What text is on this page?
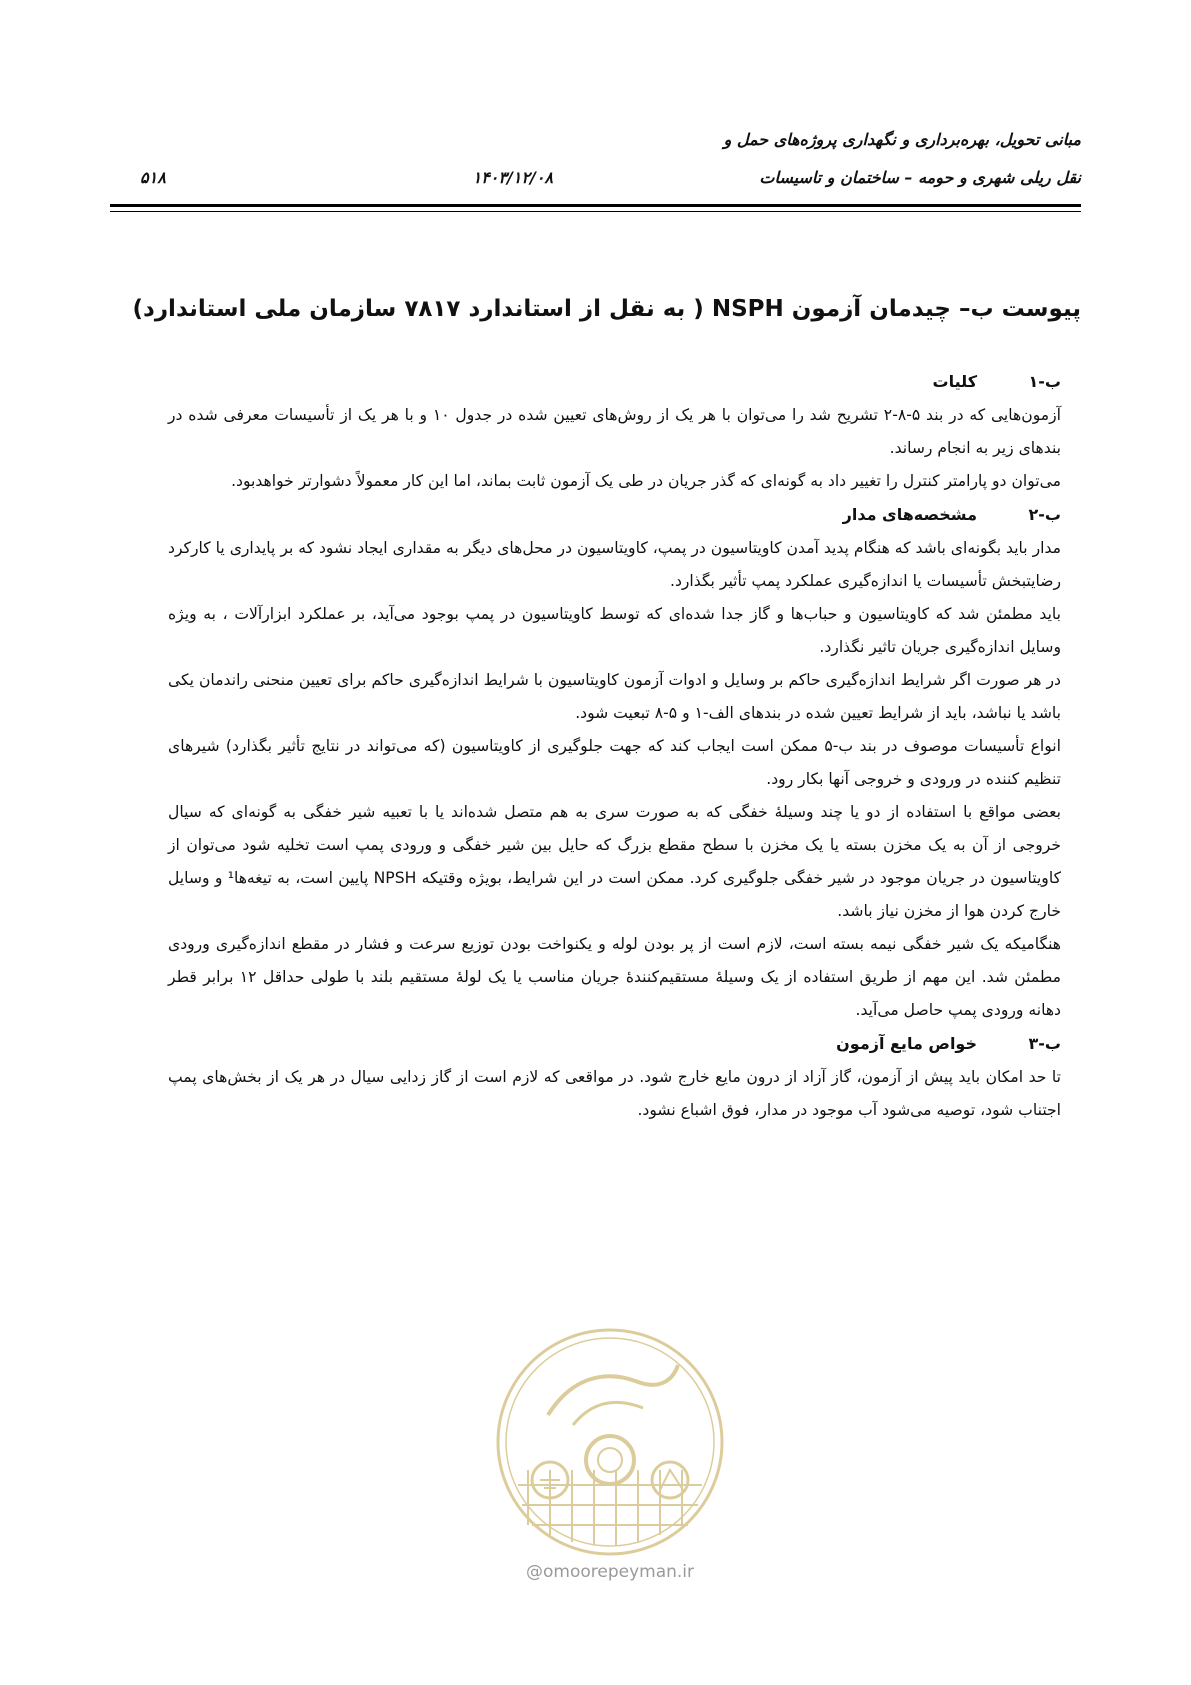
مبانی تحویل، بهره‌برداری و نگهداری پروژه‌های حمل و
نقل ریلی شهری و حومه – ساختمان و تاسیسات
۱۴۰۳/۱۲/۰۸
۵۱۸
پیوست ب– چیدمان آزمون NSPH ( به نقل از استاندارد ۷۸۱۷ سازمان ملی استاندارد)
ب-۱
کلیات

آزمون‌هایی که در بند ۵-۸-۲ تشریح شد را می‌توان با هر یک از روش‌های تعیین شده در جدول ۱۰ و با هر یک از تأسیسات معرفی شده در بندهای زیر به انجام رساند.

می‌توان دو پارامتر کنترل را تغییر داد به گونه‌ای که گذر جریان در طی یک آزمون ثابت بماند، اما این کار معمولاً دشوارتر خواهدبود.

ب-۲
مشخصه‌های مدار

مدار باید بگونه‌ای باشد که هنگام پدید آمدن کاویتاسیون در پمپ، کاویتاسیون در محل‌های دیگر به مقداری ایجاد نشود که بر پایداری یا کارکرد رضایتبخش تأسیسات یا اندازه‌گیری عملکرد پمپ تأثیر بگذارد.

باید مطمئن شد که کاویتاسیون و حباب‌ها و گاز جدا شده‌ای که توسط کاویتاسیون در پمپ بوجود می‌آید، بر عملکرد ابزارآلات ، به ویژه وسایل اندازه‌گیری جریان تاثیر نگذارد.

در هر صورت اگر شرایط اندازه‌گیری حاکم بر وسایل و ادوات آزمون کاویتاسیون با شرایط اندازه‌گیری حاکم برای تعیین منحنی راندمان یکی باشد یا نباشد، باید از شرایط تعیین شده در بندهای الف-۱ و ۵-۸ تبعیت شود.

انواع تأسیسات موصوف در بند ب-۵ ممکن است ایجاب کند که جهت جلوگیری از کاویتاسیون (که می‌تواند در نتایج تأثیر بگذارد) شیرهای تنظیم کننده در ورودی و خروجی آنها بکار رود.

بعضی مواقع با استفاده از دو یا چند وسیلهٔ خفگی که به صورت سری به هم متصل شده‌اند یا با تعبیه شیر خفگی به گونه‌ای که سیال خروجی از آن به یک مخزن بسته یا یک مخزن با سطح مقطع بزرگ که حایل بین شیر خفگی و ورودی پمپ است تخلیه شود می‌توان از کاویتاسیون در جریان موجود در شیر خفگی جلوگیری کرد. ممکن است در این شرایط، بویژه وقتیکه NPSH پایین است، به تیغه‌ها¹ و وسایل خارج کردن هوا از مخزن نیاز باشد.

هنگامیکه یک شیر خفگی نیمه بسته است، لازم است از پر بودن لوله و یکنواخت بودن توزیع سرعت و فشار در مقطع اندازه‌گیری ورودی مطمئن شد. این مهم از طریق استفاده از یک وسیلهٔ مستقیم‌کنندهٔ جریان مناسب یا یک لولهٔ مستقیم بلند با طولی حداقل ۱۲ برابر قطر دهانه ورودی پمپ حاصل می‌آید.

ب-۳
خواص مایع آزمون

تا حد امکان باید پیش از آزمون، گاز آزاد از درون مایع خارج شود. در مواقعی که لازم است از گاز زدایی سیال در هر یک از بخش‌های پمپ اجتناب شود، توصیه می‌شود آب موجود در مدار، فوق اشباع نشود.

@omoorepeyman.ir
